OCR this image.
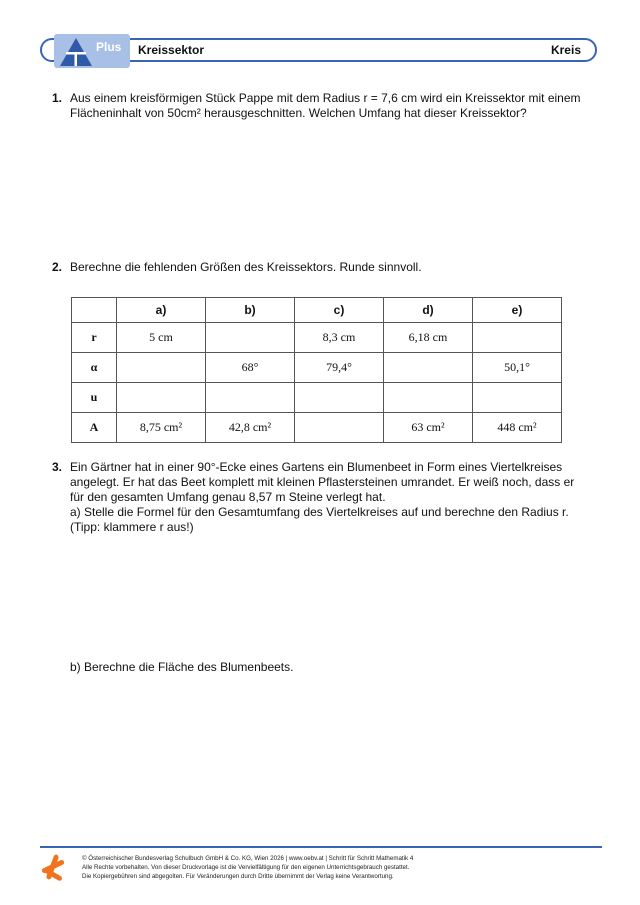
Kreissektor	Kreis
Plus
1. Aus einem kreisförmigen Stück Pappe mit dem Radius r = 7,6 cm wird ein Kreissektor mit einem
Flächeninhalt von 50cm² herausgeschnitten. Welchen Umfang hat dieser Kreissektor?
2. Berechne die fehlenden Größen des Kreissektors. Runde sinnvoll.
	a)	b)	c)	d)	e)
r	5 cm		8,3 cm	6,18 cm	
α		68°	79,4°		50,1°
u					
A	8,75 cm²	42,8 cm²		63 cm²	448 cm²
3. Ein Gärtner hat in einer 90°-Ecke eines Gartens ein Blumenbeet in Form eines Viertelkreises
angelegt. Er hat das Beet komplett mit kleinen Pflastersteinen umrandet. Er weiß noch, dass er
für den gesamten Umfang genau 8,57 m Steine verlegt hat.
a) Stelle die Formel für den Gesamtumfang des Viertelkreises auf und berechne den Radius r.
(Tipp: klammere r aus!)
b) Berechne die Fläche des Blumenbeets.
© Österreichischer Bundesverlag Schulbuch GmbH & Co. KG, Wien 2026 | www.oebv.at | Schritt für Schritt Mathematik 4
Alle Rechte vorbehalten. Von dieser Druckvorlage ist die Vervielfältigung für den eigenen Unterrichtsgebrauch gestattet.
Die Kopiergebühren sind abgegolten. Für Veränderungen durch Dritte übernimmt der Verlag keine Verantwortung.
